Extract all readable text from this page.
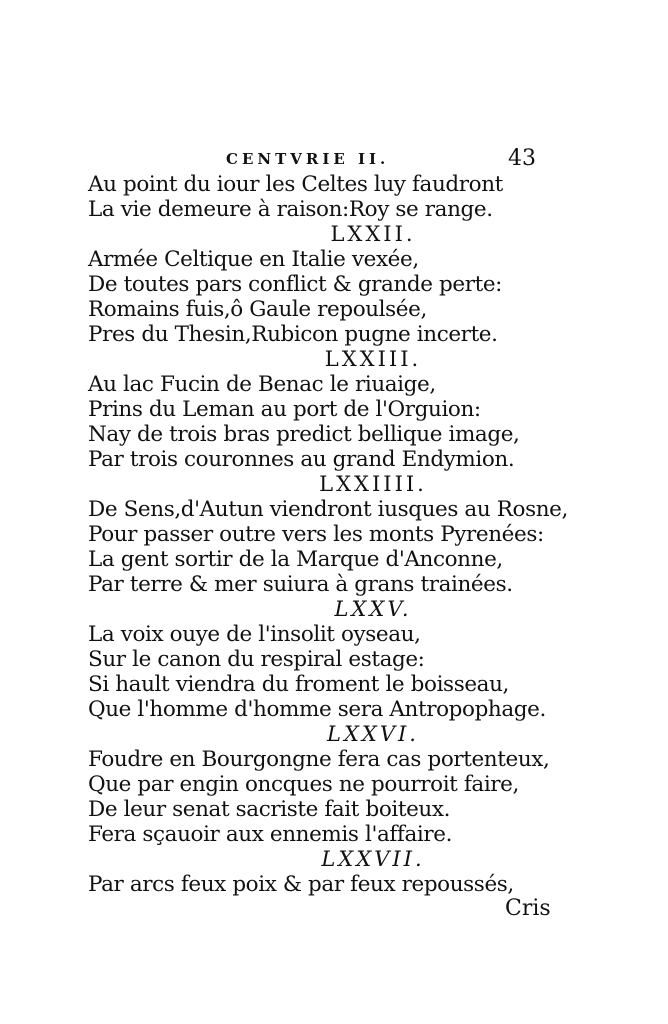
CENTVRIE II.	43
Au point du iour les Celtes luy faudront
La vie demeure à raison:Roy se range.
LXXII.
Armée Celtique en Italie vexée,
De toutes pars conflict & grande perte:
Romains fuis,ô Gaule repoulsée,
Pres du Thesin,Rubicon pugne incerte.
LXXIII.
Au lac Fucin de Benac le riuaige,
Prins du Leman au port de l'Orguion:
Nay de trois bras predict bellique image,
Par trois couronnes au grand Endymion.
LXXIIII.
De Sens,d'Autun viendront iusques au Rosne,
Pour passer outre vers les monts Pyrenées:
La gent sortir de la Marque d'Anconne,
Par terre & mer suiura à grans trainées.
LXXV.
La voix ouye de l'insolit oyseau,
Sur le canon du respiral estage:
Si hault viendra du froment le boisseau,
Que l'homme d'homme sera Antropophage.
LXXVI.
Foudre en Bourgongne fera cas portenteux,
Que par engin oncques ne pourroit faire,
De leur senat sacriste fait boiteux.
Fera sçauoir aux ennemis l'affaire.
LXXVII.
Par arcs feux poix & par feux repoussés,
Cris
